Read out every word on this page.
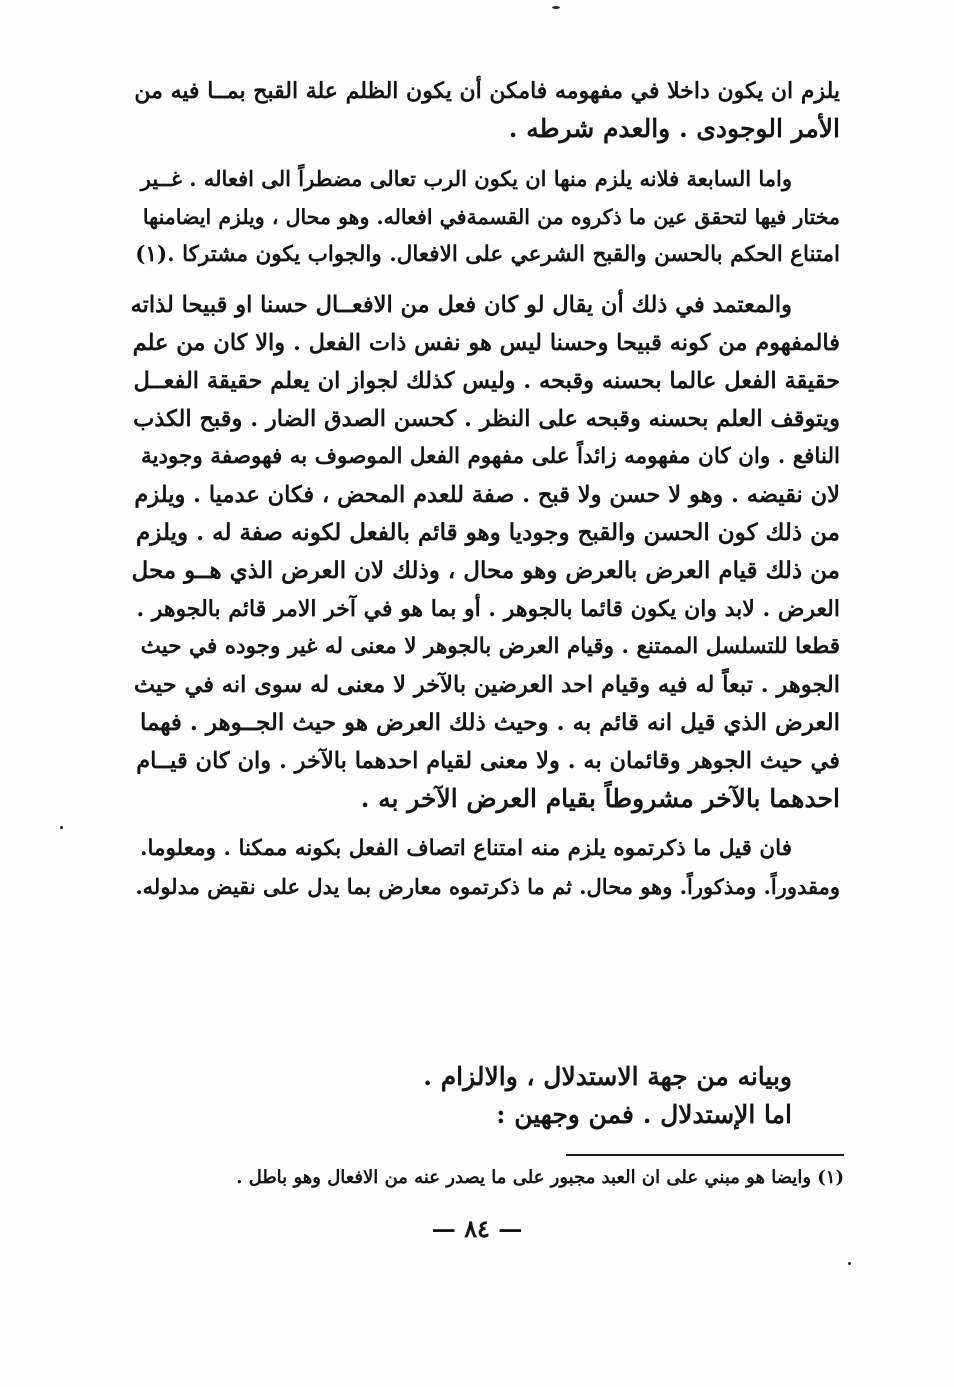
يلزم ان يكون داخلا في مفهومه فامكن أن يكون الظلم علة القبح بمــا فيه من
الأمر الوجودى . والعدم شرطه .
واما السابعة فلانه يلزم منها ان يكون الرب تعالى مضطراً الى افعاله . غــير
مختار فيها لتحقق عين ما ذكروه من القسمةفي افعاله. وهو محال ، ويلزم ايضامنها
امتناع الحكم بالحسن والقبح الشرعي على الافعال. والجواب يكون مشتركا .(١)
والمعتمد في ذلك أن يقال لو كان فعل من الافعــال حسنا او قبيحا لذاته
فالمفهوم من كونه قبيحا وحسنا ليس هو نفس ذات الفعل . والا كان من علم
حقيقة الفعل عالما بحسنه وقبحه . وليس كذلك لجواز ان يعلم حقيقة الفعــل
ويتوقف العلم بحسنه وقبحه على النظر . كحسن الصدق الضار . وقبح الكذب
النافع . وان كان مفهومه زائداً على مفهوم الفعل الموصوف به فهوصفة وجودية
لان نقيضه . وهو لا حسن ولا قبح . صفة للعدم المحض ، فكان عدميا . ويلزم
من ذلك كون الحسن والقبح وجوديا وهو قائم بالفعل لكونه صفة له . ويلزم
من ذلك قيام العرض بالعرض وهو محال ، وذلك لان العرض الذي هــو محل
العرض . لابد وان يكون قائما بالجوهر . أو بما هو في آخر الامر قائم بالجوهر .
قطعا للتسلسل الممتنع . وقيام العرض بالجوهر لا معنى له غير وجوده في حيث
الجوهر . تبعاً له فيه وقيام احد العرضين بالآخر لا معنى له سوى انه في حيث
العرض الذي قيل انه قائم به . وحيث ذلك العرض هو حيث الجــوهر . فهما
في حيث الجوهر وقائمان به . ولا معنى لقيام احدهما بالآخر . وان كان قيــام
احدهما بالآخر مشروطاً بقيام العرض الآخر به .
فان قيل ما ذكرتموه يلزم منه امتناع اتصاف الفعل بكونه ممكنا . ومعلوما.
ومقدوراً. ومذكوراً. وهو محال. ثم ما ذكرتموه معارض بما يدل على نقيض مدلوله.
وبيانه من جهة الاستدلال ، والالزام .
اما الإستدلال . فمن وجهين :
(١) وايضا هو مبني على ان العبد مجبور على ما يصدر عنه من الافعال وهو باطل .
— ٨٤ —
